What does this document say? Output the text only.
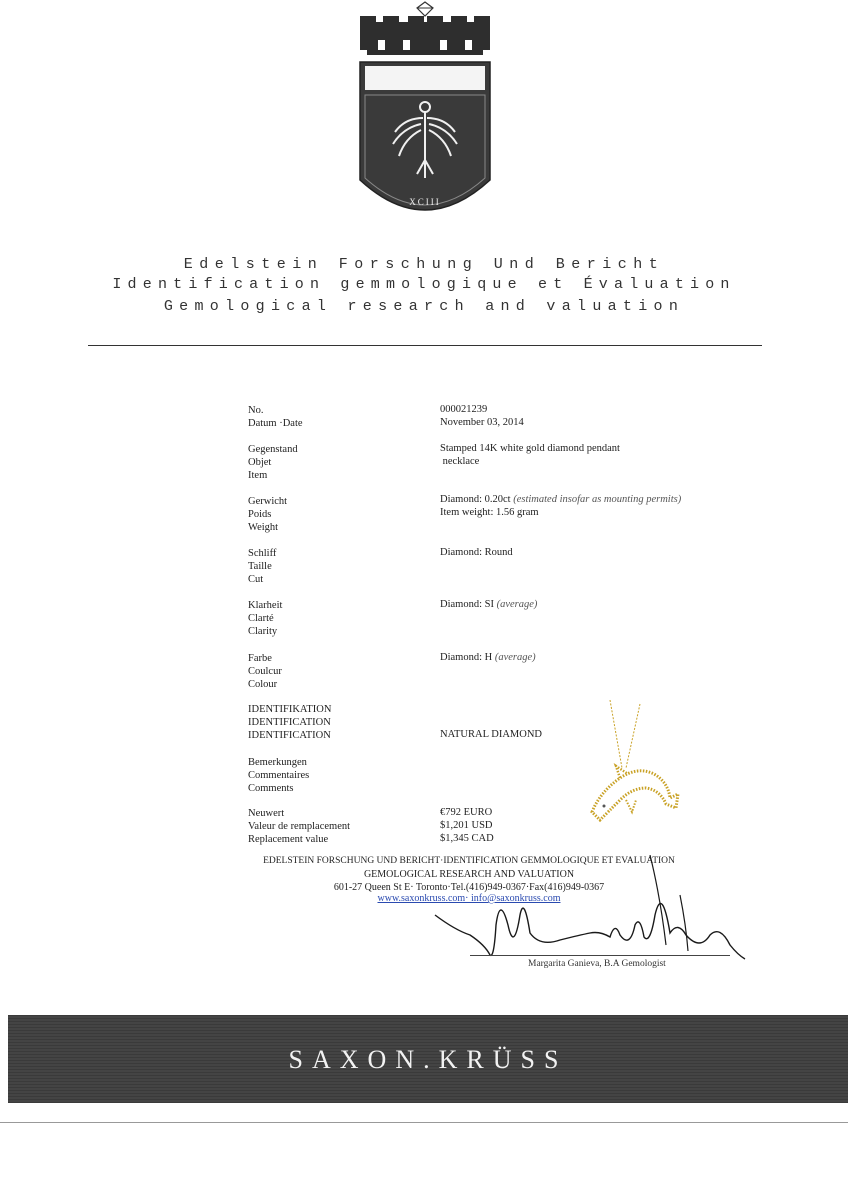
XCIII
Edelstein Forschung Und Bericht
Identification gemmologique et Évaluation
Gemological research and valuation
No.
Datum ·Date
000021239
November 03, 2014
Gegenstand
Objet
Item
Stamped 14K white gold diamond pendant
necklace
Gerwicht
Poids
Weight
Diamond: 0.20ct (estimated insofar as mounting permits)
Item weight: 1.56 gram
Schliff
Taille
Cut
Diamond: Round
Klarheit
Clarté
Clarity
Diamond: SI (average)
Farbe
Coulcur
Colour
Diamond: H (average)
IDENTIFIKATION
IDENTIFICATION
IDENTIFICATION	NATURAL DIAMOND
Bemerkungen
Commentaires
Comments
Neuwert
Valeur de remplacement
Replacement value
€792 EURO
$1,201 USD
$1,345 CAD
EDELSTEIN FORSCHUNG UND BERICHT·IDENTIFICATION GEMMOLOGIQUE ET EVALUATION
GEMOLOGICAL RESEARCH AND VALUATION
601-27 Queen St E· Toronto·Tel.(416)949-0367·Fax(416)949-0367
www.saxonkruss.com· info@saxonkruss.com
Margarita Ganieva, B.A Gemologist
SAXON.KRÜSS
